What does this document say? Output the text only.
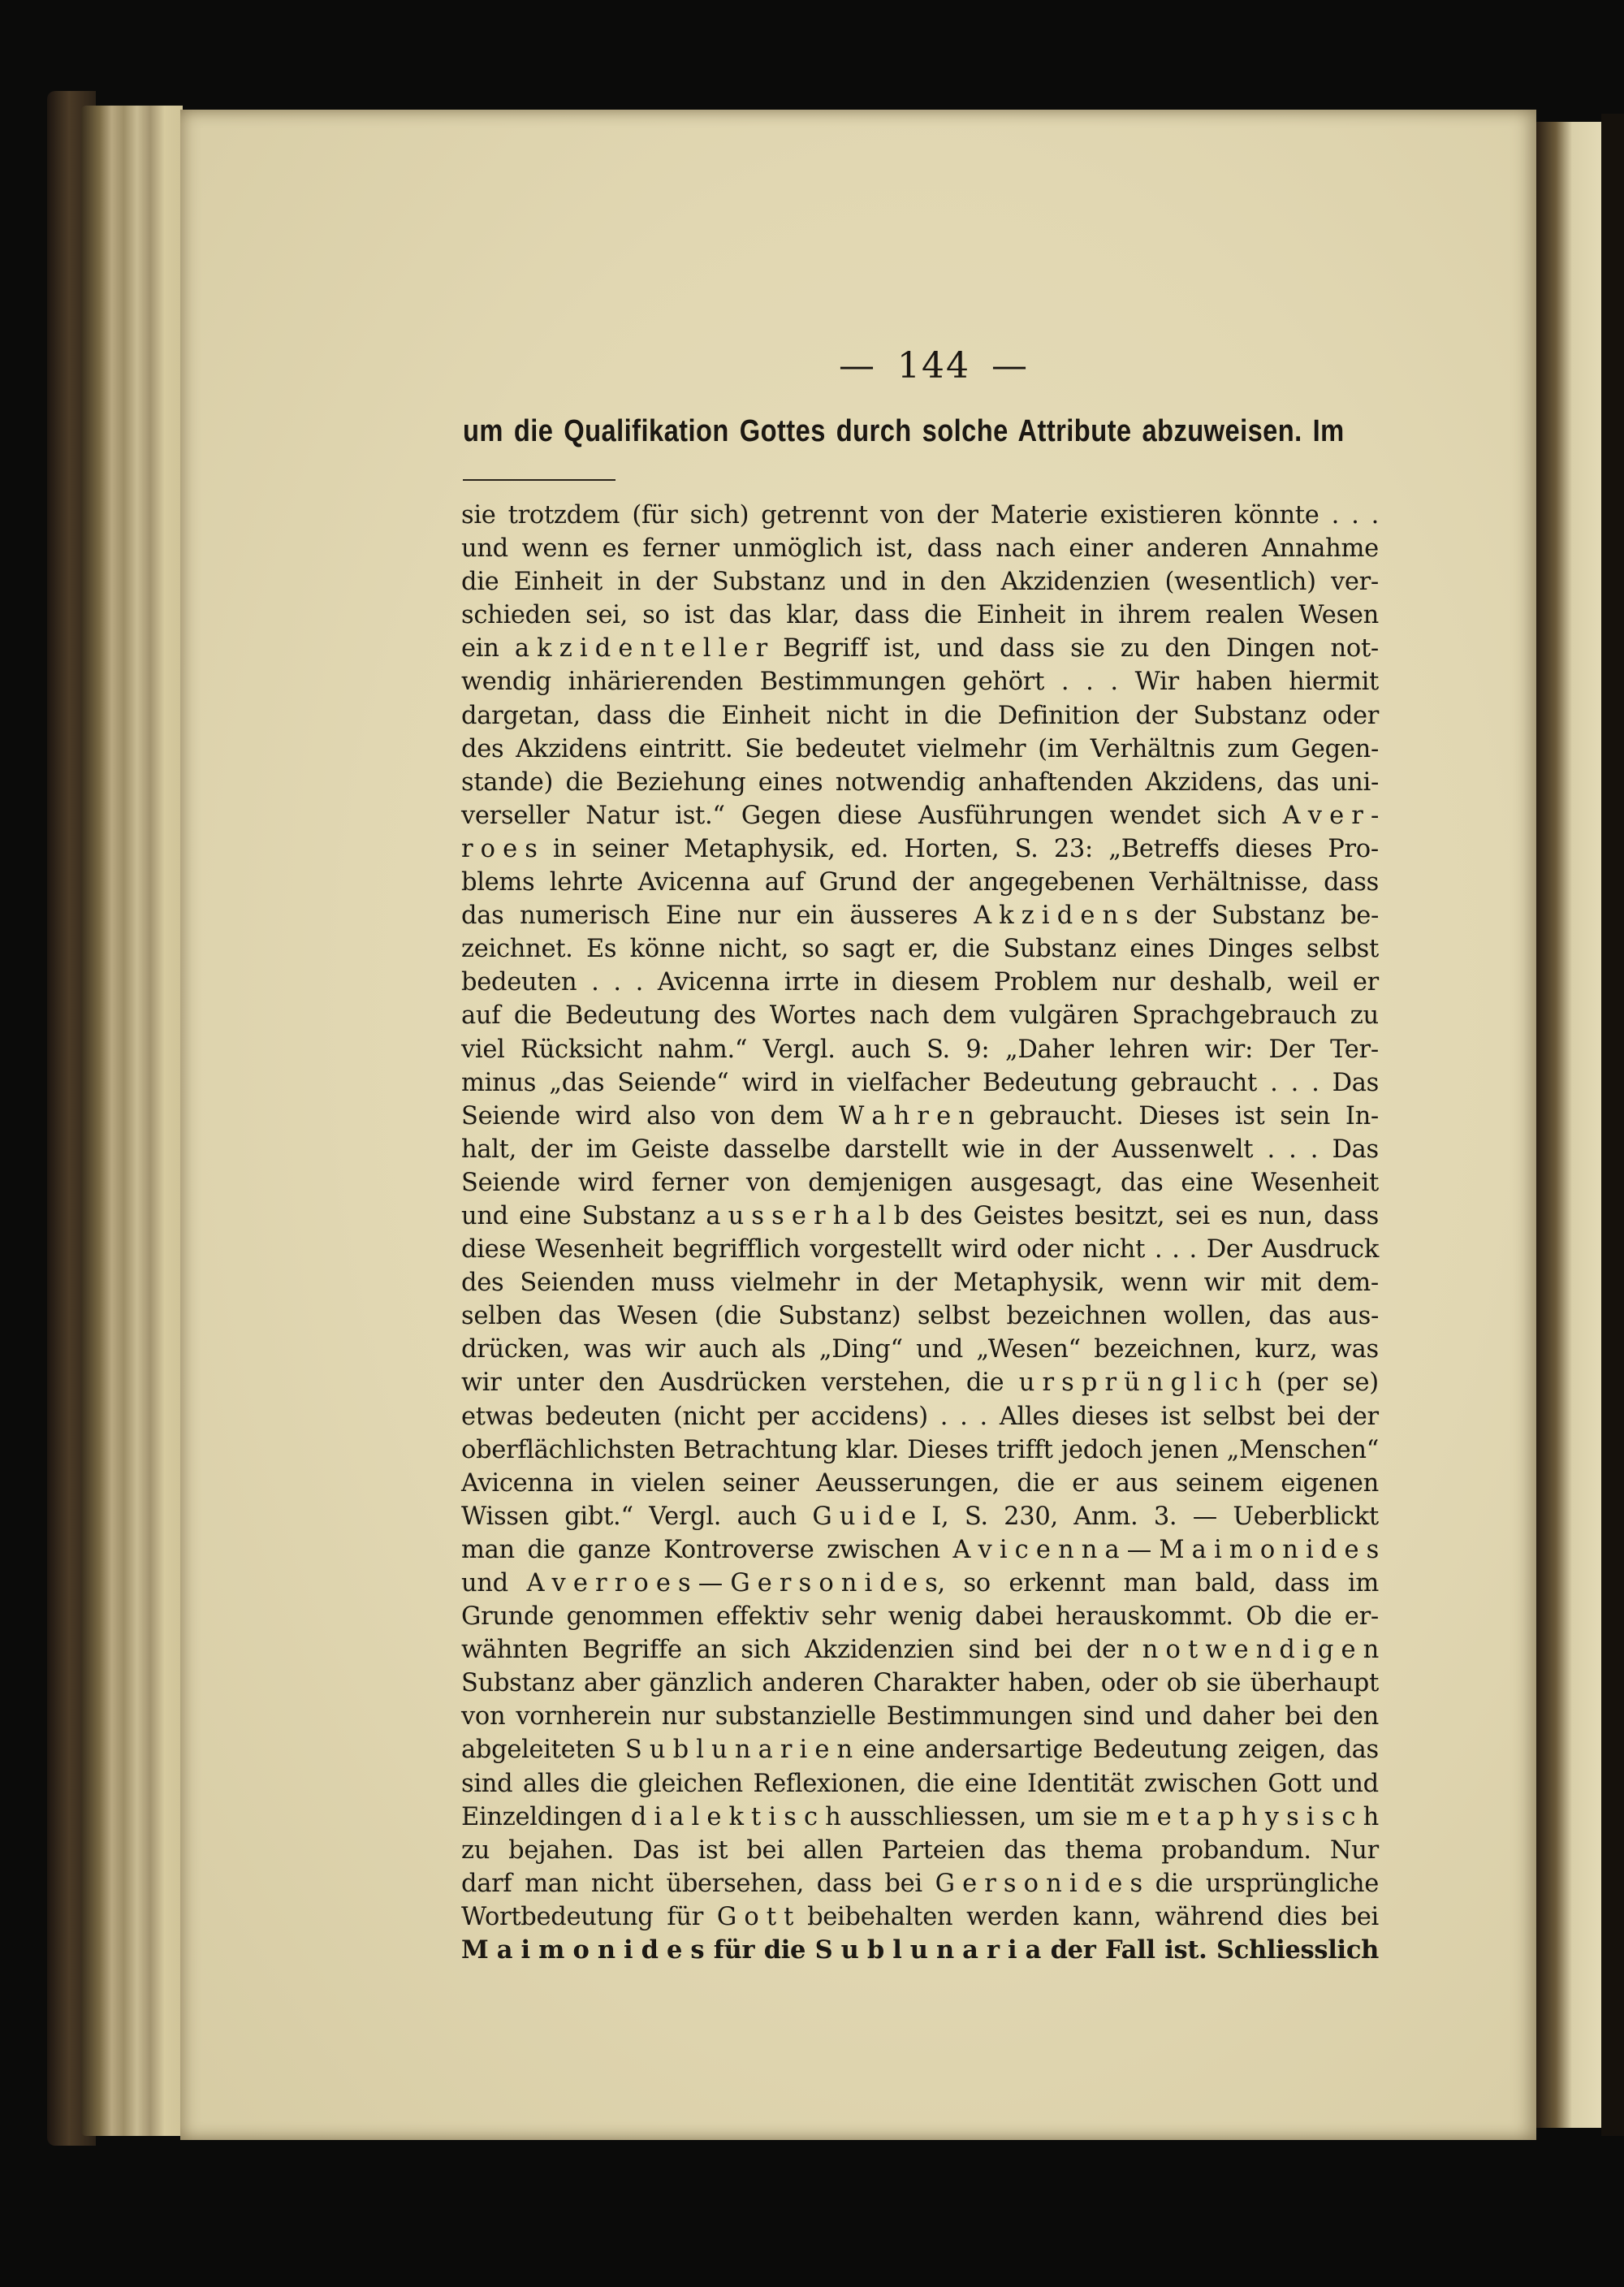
— 144 —
um die Qualifikation Gottes durch solche Attribute abzuweisen. Im
sie trotzdem (für sich) getrennt von der Materie existieren könnte . . .
und wenn es ferner unmöglich ist, dass nach einer anderen Annahme
die Einheit in der Substanz und in den Akzidenzien (wesentlich) ver-
schieden sei, so ist das klar, dass die Einheit in ihrem realen Wesen
ein a k z i d e n t e l l e r Begriff ist, und dass sie zu den Dingen not-
wendig inhärierenden Bestimmungen gehört . . . Wir haben hiermit
dargetan, dass die Einheit nicht in die Definition der Substanz oder
des Akzidens eintritt. Sie bedeutet vielmehr (im Verhältnis zum Gegen-
stande) die Beziehung eines notwendig anhaftenden Akzidens, das uni-
verseller Natur ist.“ Gegen diese Ausführungen wendet sich A v e r -
r o e s in seiner Metaphysik, ed. Horten, S. 23: „Betreffs dieses Pro-
blems lehrte Avicenna auf Grund der angegebenen Verhältnisse, dass
das numerisch Eine nur ein äusseres A k z i d e n s der Substanz be-
zeichnet. Es könne nicht, so sagt er, die Substanz eines Dinges selbst
bedeuten . . . Avicenna irrte in diesem Problem nur deshalb, weil er
auf die Bedeutung des Wortes nach dem vulgären Sprachgebrauch zu
viel Rücksicht nahm.“ Vergl. auch S. 9: „Daher lehren wir: Der Ter-
minus „das Seiende“ wird in vielfacher Bedeutung gebraucht . . . Das
Seiende wird also von dem W a h r e n gebraucht. Dieses ist sein In-
halt, der im Geiste dasselbe darstellt wie in der Aussenwelt . . . Das
Seiende wird ferner von demjenigen ausgesagt, das eine Wesenheit
und eine Substanz a u s s e r h a l b des Geistes besitzt, sei es nun, dass
diese Wesenheit begrifflich vorgestellt wird oder nicht . . . Der Ausdruck
des Seienden muss vielmehr in der Metaphysik, wenn wir mit dem-
selben das Wesen (die Substanz) selbst bezeichnen wollen, das aus-
drücken, was wir auch als „Ding“ und „Wesen“ bezeichnen, kurz, was
wir unter den Ausdrücken verstehen, die u r s p r ü n g l i c h (per se)
etwas bedeuten (nicht per accidens) . . . Alles dieses ist selbst bei der
oberflächlichsten Betrachtung klar. Dieses trifft jedoch jenen „Menschen“
Avicenna in vielen seiner Aeusserungen, die er aus seinem eigenen
Wissen gibt.“ Vergl. auch G u i d e I, S. 230, Anm. 3. — Ueberblickt
man die ganze Kontroverse zwischen A v i c e n n a — M a i m o n i d e s
und A v e r r o e s — G e r s o n i d e s, so erkennt man bald, dass im
Grunde genommen effektiv sehr wenig dabei herauskommt. Ob die er-
wähnten Begriffe an sich Akzidenzien sind bei der n o t w e n d i g e n
Substanz aber gänzlich anderen Charakter haben, oder ob sie überhaupt
von vornherein nur substanzielle Bestimmungen sind und daher bei den
abgeleiteten S u b l u n a r i e n eine andersartige Bedeutung zeigen, das
sind alles die gleichen Reflexionen, die eine Identität zwischen Gott und
Einzeldingen d i a l e k t i s c h ausschliessen, um sie m e t a p h y s i s c h
zu bejahen. Das ist bei allen Parteien das thema probandum. Nur
darf man nicht übersehen, dass bei G e r s o n i d e s die ursprüngliche
Wortbedeutung für G o t t beibehalten werden kann, während dies bei
M a i m o n i d e s für die S u b l u n a r i a der Fall ist. Schliesslich
